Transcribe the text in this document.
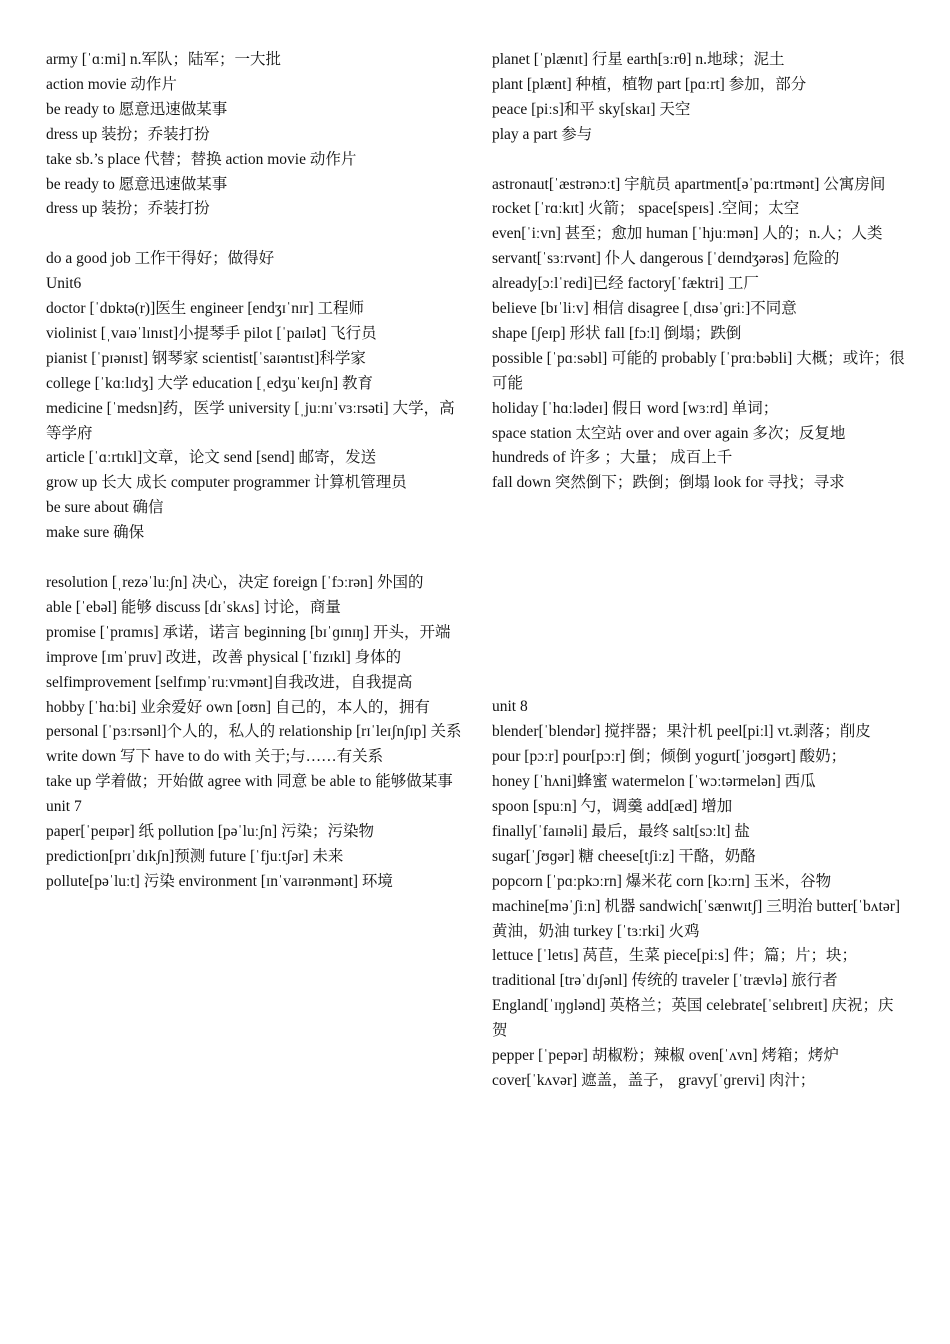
army [ˈɑːmi] n.军队；陆军；一大批
action movie 动作片
be ready to 愿意迅速做某事
dress up 装扮；乔装打扮
take sb.’s place 代替；替换 action movie 动作片
be ready to 愿意迅速做某事
dress up 装扮；乔装打扮
do a good job 工作干得好；做得好
Unit6
doctor [ˈdɒktə(r)]医生 engineer [endʒɪˈnɪr] 工程师
violinist [ˌvaɪəˈlɪnɪst]小提琴手 pilot [ˈpaɪlət] 飞行员
pianist [ˈpɪənɪst] 钢琴家 scientist[ˈsaɪəntɪst]科学家
college [ˈkɑːlɪdʒ] 大学 education [ˌedʒuˈkeɪʃn] 教育
medicine [ˈmedsn]药，医学 university [ˌjuːnɪˈvɜːrsəti] 大学，高等学府
article [ˈɑːrtɪkl]文章，论文 send [send] 邮寄，发送
grow up 长大 成长 computer programmer 计算机管理员
be sure about 确信
make sure 确保
resolution [ˌrezəˈluːʃn] 决心，决定 foreign [ˈfɔːrən] 外国的
able [ˈebəl] 能够 discuss [dɪˈskʌs] 讨论，商量
promise [ˈprɑmɪs] 承诺，诺言 beginning [bɪˈɡɪnɪŋ] 开头，开端
improve [ɪmˈpruv] 改进，改善 physical [ˈfɪzɪkl] 身体的
selfimprovement [selfɪmpˈruːvmənt]自我改进，自我提高
hobby [ˈhɑːbi] 业余爱好 own [oʊn] 自己的，本人的，拥有
personal [ˈpɜːrsənl]个人的，私人的 relationship [rɪˈleɪʃnʃɪp] 关系
write down 写下 have to do with 关于;与……有关系
take up 学着做；开始做 agree with 同意 be able to 能够做某事
unit 7
paper[ˈpeɪpər] 纸 pollution [pəˈluːʃn] 污染；污染物
prediction[prɪˈdɪkʃn]预测 future [ˈfjuːtʃər] 未来
pollute[pəˈluːt] 污染 environment [ɪnˈvaɪrənmənt] 环境
planet [ˈplænɪt] 行星 earth[ɜːrθ] n.地球；泥土
plant [plænt] 种植，植物 part [pɑːrt] 参加，部分
peace [piːs]和平 sky[skaɪ] 天空
play a part 参与
astronaut[ˈæstrənɔːt] 宇航员 apartment[əˈpɑːrtmənt] 公寓房间
rocket [ˈrɑːkɪt] 火箭； space[speɪs] .空间；太空
even[ˈiːvn] 甚至；愈加 human [ˈhjuːmən] 人的；n.人；人类
servant[ˈsɜːrvənt] 仆人 dangerous [ˈdeɪndʒərəs] 危险的
already[ɔːlˈredi]已经 factory[ˈfæktri] 工厂
believe [bɪˈliːv] 相信 disagree [ˌdɪsəˈɡriː]不同意
shape [ʃeɪp] 形状 fall [fɔːl] 倒塌；跌倒
possible [ˈpɑːsəbl] 可能的 probably [ˈprɑːbəbli] 大概；或许；很可能
holiday [ˈhɑːlədeɪ] 假日 word [wɜːrd] 单词；
space station 太空站 over and over again 多次；反复地
hundreds of 许多 ；大量； 成百上千
fall down 突然倒下；跌倒；倒塌 look for 寻找；寻求
unit 8
blender[ˈblendər] 搅拌器；果汁机 peel[piːl] vt.剥落；削皮
pour [pɔːr] pour[pɔːr] 倒；倾倒 yogurt[ˈjoʊɡərt] 酸奶；
honey [ˈhʌni]蜂蜜 watermelon [ˈwɔːtərmelən] 西瓜
spoon [spuːn] 勺，调羹 add[æd] 增加
finally[ˈfaɪnəli] 最后，最终 salt[sɔːlt] 盐
sugar[ˈʃʊɡər] 糖 cheese[tʃiːz] 干酪，奶酪
popcorn [ˈpɑːpkɔːrn] 爆米花 corn [kɔːrn] 玉米，谷物
machine[məˈʃiːn] 机器 sandwich[ˈsænwɪtʃ] 三明治 butter[ˈbʌtər] 黄油，奶油 turkey [ˈtɜːrki] 火鸡
lettuce [ˈletɪs] 莴苣，生菜 piece[piːs] 件；篇；片；块；
traditional [trəˈdɪʃənl] 传统的 traveler [ˈtrævlə] 旅行者
England[ˈɪŋɡlənd] 英格兰；英国 celebrate[ˈselɪbreɪt] 庆祝；庆贺
pepper [ˈpepər] 胡椒粉；辣椒 oven[ˈʌvn] 烤箱；烤炉
cover[ˈkʌvər] 遮盖，盖子， gravy[ˈɡreɪvi] 肉汁；
